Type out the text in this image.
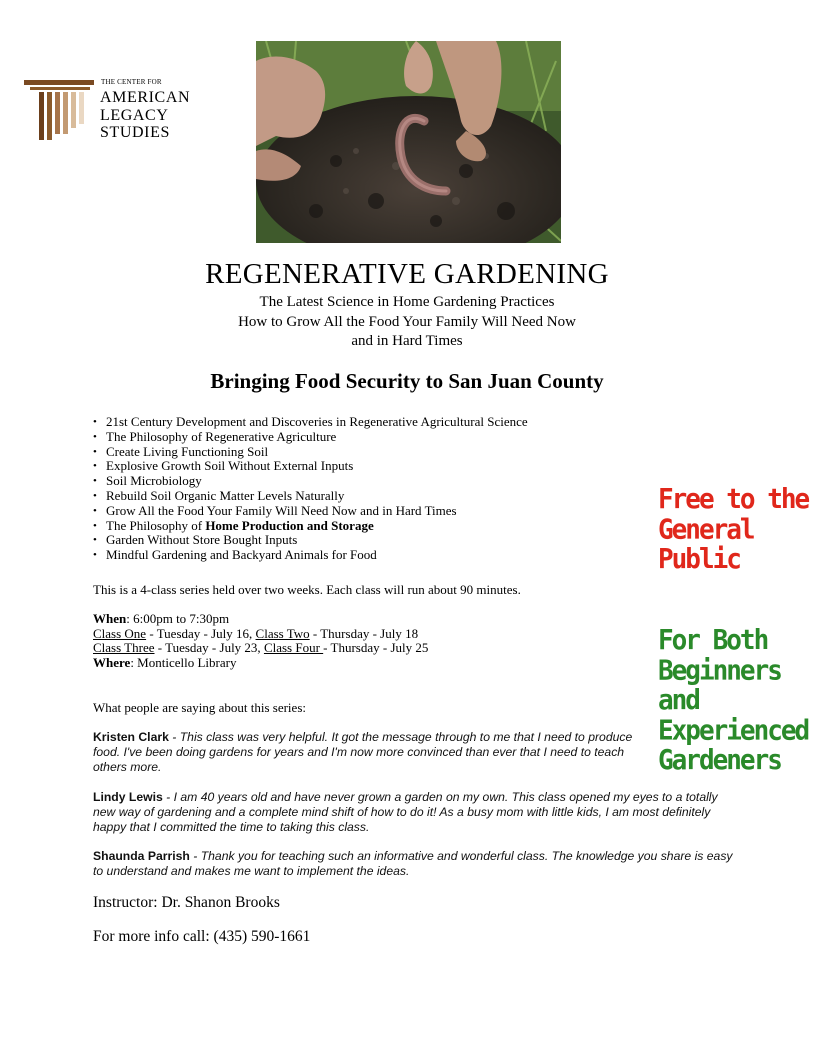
THE CENTER FOR
AMERICAN
LEGACY
STUDIES
REGENERATIVE GARDENING
The Latest Science in Home Gardening Practices
How to Grow All the Food Your Family Will Need Now
and in Hard Times
Bringing Food Security to San Juan County
• 21st Century Development and Discoveries in Regenerative Agricultural Science
• The Philosophy of Regenerative Agriculture
• Create Living Functioning Soil
• Explosive Growth Soil Without External Inputs
• Soil Microbiology
• Rebuild Soil Organic Matter Levels Naturally
• Grow All the Food Your Family Will Need Now and in Hard Times
• The Philosophy of Home Production and Storage
• Garden Without Store Bought Inputs
• Mindful Gardening and Backyard Animals for Food
This is a 4-class series held over two weeks. Each class will run about 90 minutes.
When: 6:00pm to 7:30pm
Class One - Tuesday - July 16, Class Two - Thursday - July 18
Class Three - Tuesday - July 23, Class Four - Thursday - July 25
Where: Monticello Library
What people are saying about this series:
Kristen Clark - This class was very helpful. It got the message through to me that I need to produce food. I've been doing gardens for years and I'm now more convinced than ever that I need to teach others more.
Lindy Lewis - I am 40 years old and have never grown a garden on my own. This class opened my eyes to a totally new way of gardening and a complete mind shift of how to do it! As a busy mom with little kids, I am most definitely happy that I committed the time to taking this class.
Shaunda Parrish - Thank you for teaching such an informative and wonderful class. The knowledge you share is easy to understand and makes me want to implement the ideas.
Instructor: Dr. Shanon Brooks
For more info call: (435) 590-1661
Free to the
General
Public
For Both
Beginners
and
Experienced
Gardeners
